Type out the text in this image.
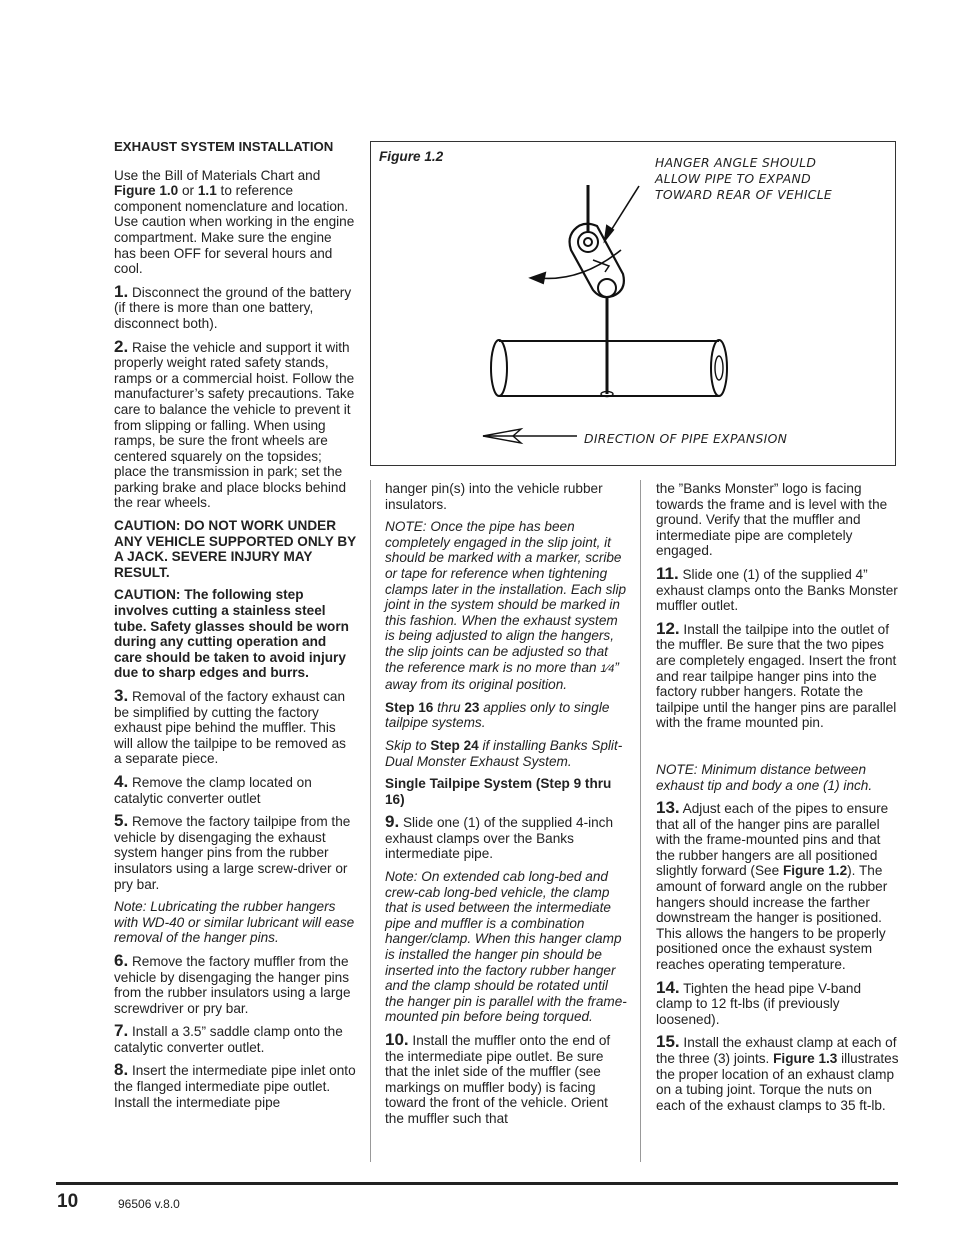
EXHAUST SYSTEM INSTALLATION

Use the Bill of Materials Chart and Figure 1.0 or 1.1 to reference component nomenclature and location. Use caution when working in the engine compartment. Make sure the engine has been OFF for several hours and cool.

1. Disconnect the ground of the battery (if there is more than one battery, disconnect both).

2. Raise the vehicle and support it with properly weight rated safety stands, ramps or a commercial hoist. Follow the manufacturer’s safety precautions. Take care to balance the vehicle to prevent it from slipping or falling. When using ramps, be sure the front wheels are centered squarely on the topsides; place the transmission in park; set the parking brake and place blocks behind the rear wheels.

CAUTION: DO NOT WORK UNDER ANY VEHICLE SUPPORTED ONLY BY A JACK. SEVERE INJURY MAY RESULT.

CAUTION: The following step involves cutting a stainless steel tube. Safety glasses should be worn during any cutting operation and care should be taken to avoid injury due to sharp edges and burrs.

3. Removal of the factory exhaust can be simplified by cutting the factory exhaust pipe behind the muffler. This will allow the tailpipe to be removed as a separate piece.

4. Remove the clamp located on catalytic converter outlet

5. Remove the factory tailpipe from the vehicle by disengaging the exhaust system hanger pins from the rubber insulators using a large screw-driver or pry bar.

Note: Lubricating the rubber hangers with WD-40 or similar lubricant will ease removal of the hanger pins.

6. Remove the factory muffler from the vehicle by disengaging the hanger pins from the rubber insulators using a large screwdriver or pry bar.

7. Install a 3.5” saddle clamp onto the catalytic converter outlet.

8. Insert the intermediate pipe inlet onto the flanged intermediate pipe outlet. Install the intermediate pipe

Figure 1.2	HANGER ANGLE SHOULD
ALLOW PIPE TO EXPAND
TOWARD REAR OF VEHICLE
DIRECTION OF PIPE EXPANSION

hanger pin(s) into the vehicle rubber insulators.

NOTE: Once the pipe has been completely engaged in the slip joint, it should be marked with a marker, scribe or tape for reference when tightening clamps later in the installation. Each slip joint in the system should be marked in this fashion. When the exhaust system is being adjusted to align the hangers, the slip joints can be adjusted so that the reference mark is no more than 1⁄4” away from its original position.

Step 16 thru 23 applies only to single tailpipe systems.

Skip to Step 24 if installing Banks Split-Dual Monster Exhaust System.

Single Tailpipe System (Step 9 thru 16)

9. Slide one (1) of the supplied 4-inch exhaust clamps over the Banks intermediate pipe.

Note: On extended cab long-bed and crew-cab long-bed vehicle, the clamp that is used between the intermediate pipe and muffler is a combination hanger/clamp. When this hanger clamp is installed the hanger pin should be inserted into the factory rubber hanger and the clamp should be rotated until the hanger pin is parallel with the frame-mounted pin before being torqued.

10. Install the muffler onto the end of the intermediate pipe outlet. Be sure that the inlet side of the muffler (see markings on muffler body) is facing toward the front of the vehicle. Orient the muffler such that

the ”Banks Monster” logo is facing towards the frame and is level with the ground. Verify that the muffler and intermediate pipe are completely engaged.

11. Slide one (1) of the supplied 4” exhaust clamps onto the Banks Monster muffler outlet.

12. Install the tailpipe into the outlet of the muffler. Be sure that the two pipes are completely engaged. Insert the front and rear tailpipe hanger pins into the factory rubber hangers. Rotate the tailpipe until the hanger pins are parallel with the frame mounted pin.

NOTE: Minimum distance between exhaust tip and body a one (1) inch.

13. Adjust each of the pipes to ensure that all of the hanger pins are parallel with the frame-mounted pins and that the rubber hangers are all positioned slightly forward (See Figure 1.2). The amount of forward angle on the rubber hangers should increase the farther downstream the hanger is positioned. This allows the hangers to be properly positioned once the exhaust system reaches operating temperature.

14. Tighten the head pipe V-band clamp to 12 ft-lbs (if previously loosened).

15. Install the exhaust clamp at each of the three (3) joints. Figure 1.3 illustrates the proper location of an exhaust clamp on a tubing joint. Torque the nuts on each of the exhaust clamps to 35 ft-lb.

10	96506 v.8.0
